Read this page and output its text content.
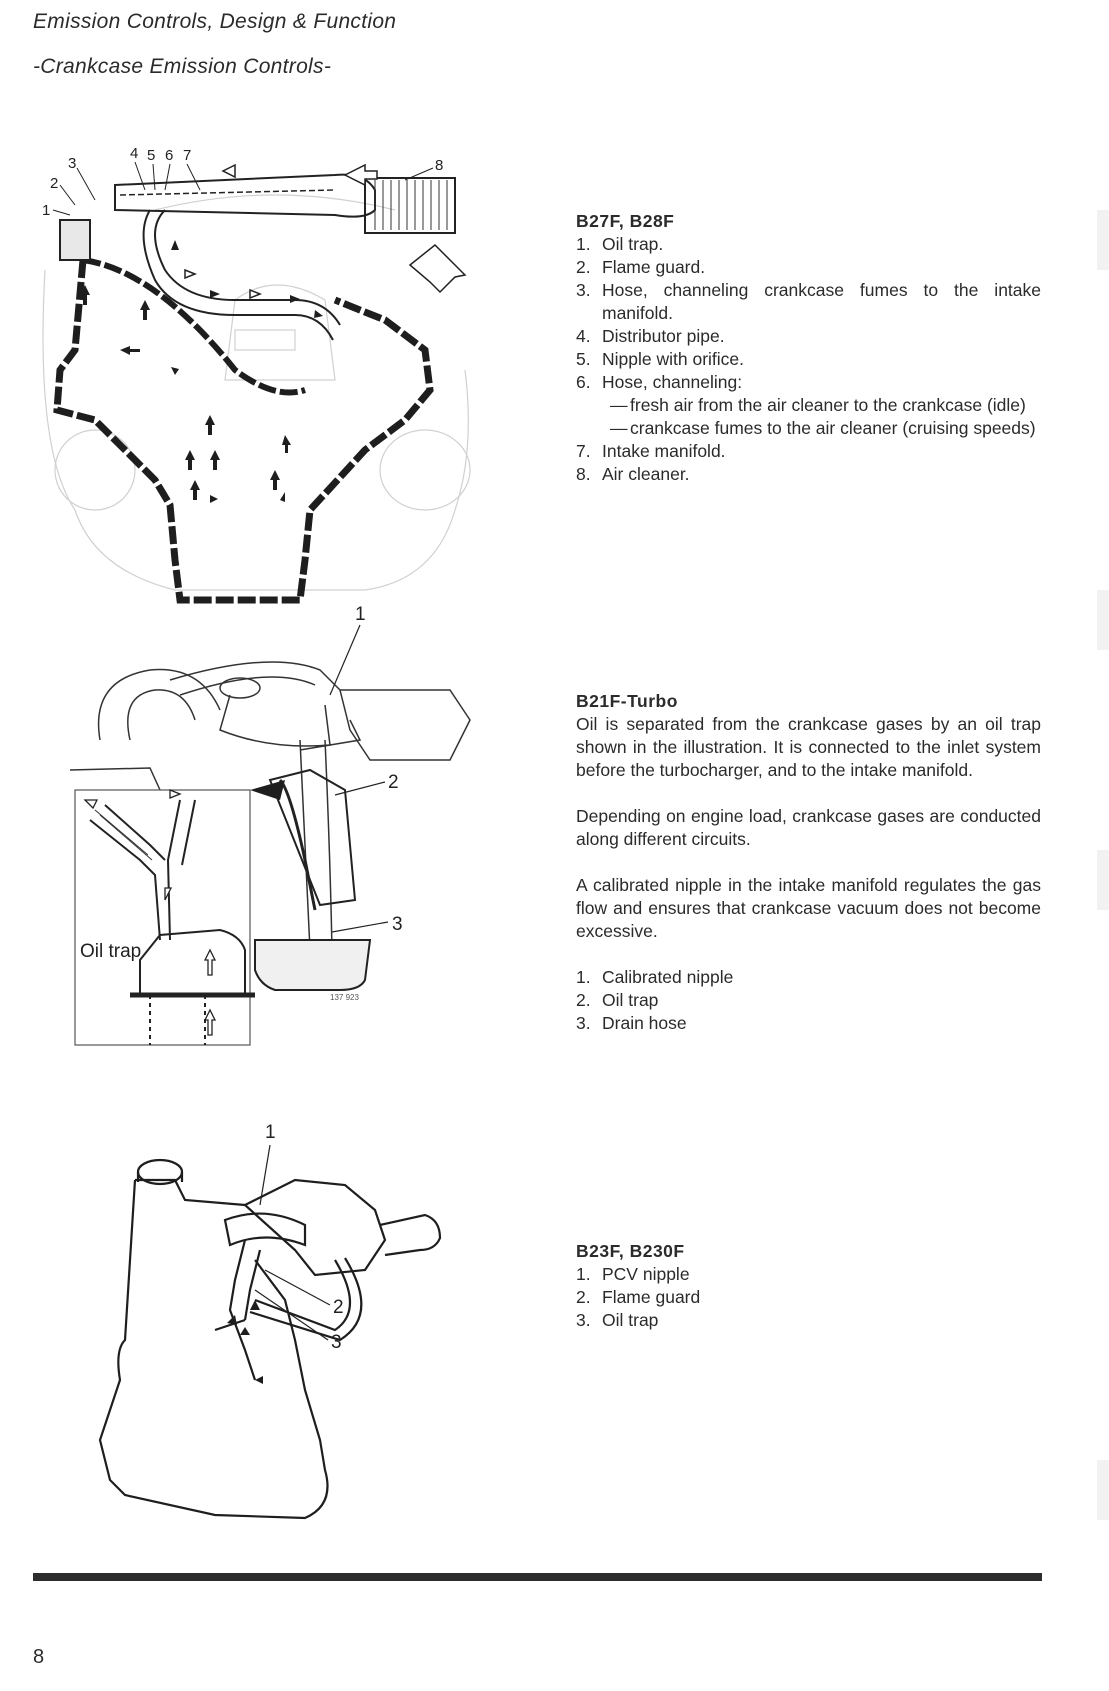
Emission Controls, Design & Function
-Crankcase Emission Controls-
1
2
3
4 5 6 7
8
B27F, B28F
1. Oil trap.
2. Flame guard.
3. Hose, channeling crankcase fumes to the intake manifold.
4. Distributor pipe.
5. Nipple with orifice.
6. Hose, channeling:
— fresh air from the air cleaner to the crankcase (idle)
— crankcase fumes to the air cleaner (cruising speeds)
7. Intake manifold.
8. Air cleaner.
Oil trap
137 923
1
2
3
B21F-Turbo

Oil is separated from the crankcase gases by an oil trap shown in the illustration. It is connected to the inlet system before the turbocharger, and to the intake manifold.

Depending on engine load, crankcase gases are conducted along different circuits.

A calibrated nipple in the intake manifold regulates the gas flow and ensures that crankcase vacuum does not become excessive.

1. Calibrated nipple
2. Oil trap
3. Drain hose
1
2
3
B23F, B230F
1. PCV nipple
2. Flame guard
3. Oil trap
8
